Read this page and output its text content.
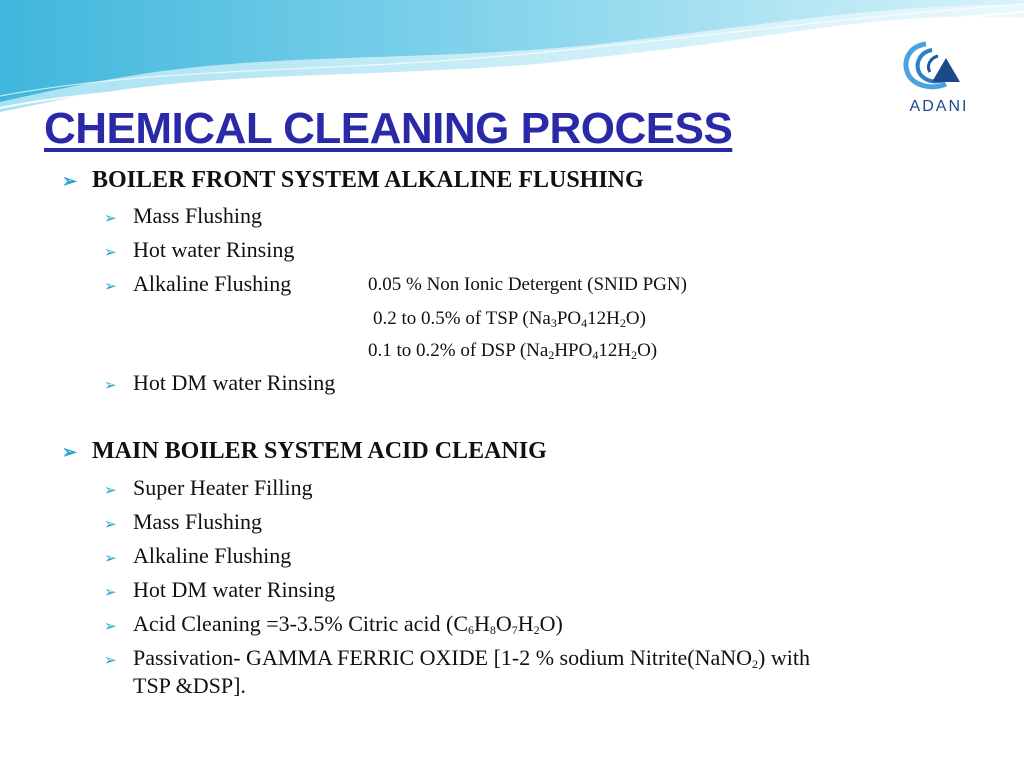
ADANI
CHEMICAL CLEANING PROCESS
➢ BOILER FRONT SYSTEM ALKALINE FLUSHING
➢ Mass Flushing
➢ Hot water Rinsing
➢ Alkaline Flushing	0.05 % Non Ionic Detergent (SNID PGN)
0.2 to 0.5% of TSP $(Na_3PO_412H_2O)$
0.1 to 0.2% of DSP $(Na_2HPO_412H_2O)$
➢ Hot DM water Rinsing
➢ MAIN BOILER SYSTEM ACID CLEANIG
➢ Super Heater Filling
➢ Mass Flushing
➢ Alkaline Flushing
➢ Hot DM water Rinsing
➢ Acid Cleaning =3-3.5% Citric acid $(C_6H_8O_7H_2O)$
➢ Passivation- GAMMA FERRIC OXIDE [1-2 % sodium Nitrite(NaNO$_2$) with
TSP &DSP].
